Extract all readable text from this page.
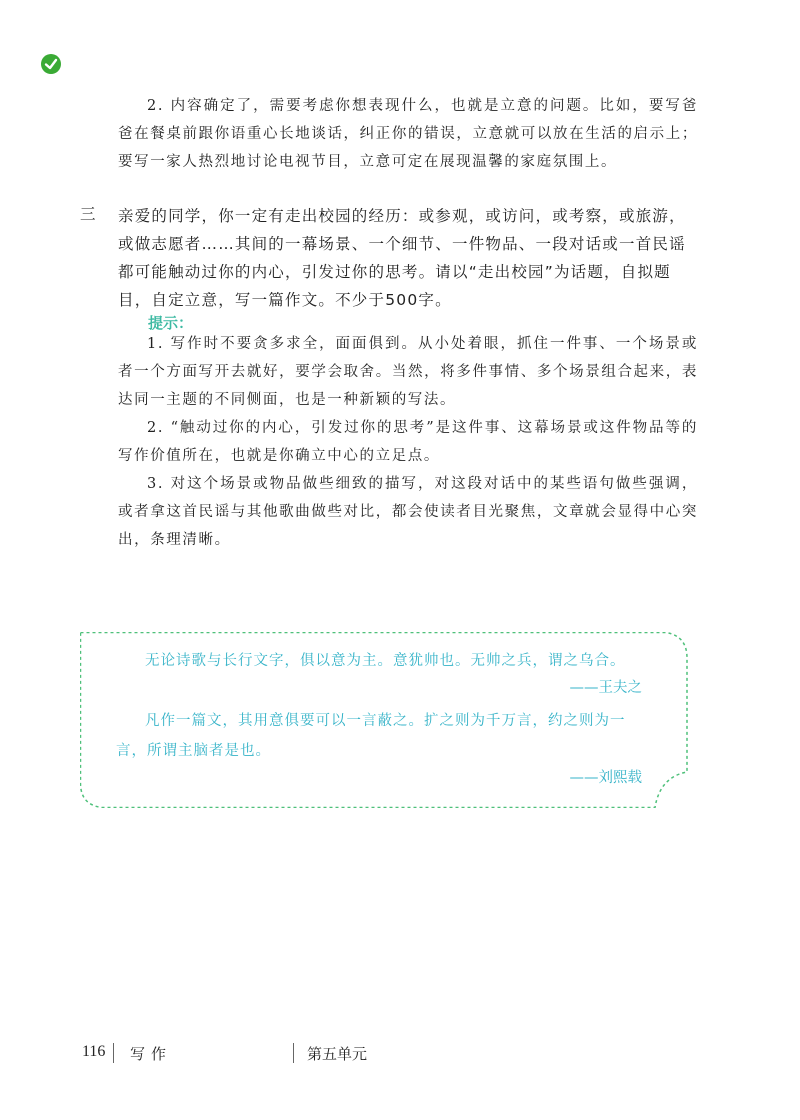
2. 内容确定了，需要考虑你想表现什么，也就是立意的问题。比如，要写爸爸在餐桌前跟你语重心长地谈话，纠正你的错误，立意就可以放在生活的启示上；要写一家人热烈地讨论电视节目，立意可定在展现温馨的家庭氛围上。

三 亲爱的同学，你一定有走出校园的经历：或参观，或访问，或考察，或旅游，或做志愿者……其间的一幕场景、一个细节、一件物品、一段对话或一首民谣都可能触动过你的内心，引发过你的思考。请以“走出校园”为话题，自拟题目，自定立意，写一篇作文。不少于500字。

提示：

1. 写作时不要贪多求全，面面俱到。从小处着眼，抓住一件事、一个场景或者一个方面写开去就好，要学会取舍。当然，将多件事情、多个场景组合起来，表达同一主题的不同侧面，也是一种新颖的写法。

2. “触动过你的内心，引发过你的思考”是这件事、这幕场景或这件物品等的写作价值所在，也就是你确立中心的立足点。

3. 对这个场景或物品做些细致的描写，对这段对话中的某些语句做些强调，或者拿这首民谣与其他歌曲做些对比，都会使读者目光聚焦，文章就会显得中心突出，条理清晰。

无论诗歌与长行文字，俱以意为主。意犹帅也。无帅之兵，谓之乌合。

——王夫之

凡作一篇文，其用意俱要可以一言蔽之。扩之则为千万言，约之则为一言，所谓主脑者是也。

——刘熙载
116 写作	第五单元
